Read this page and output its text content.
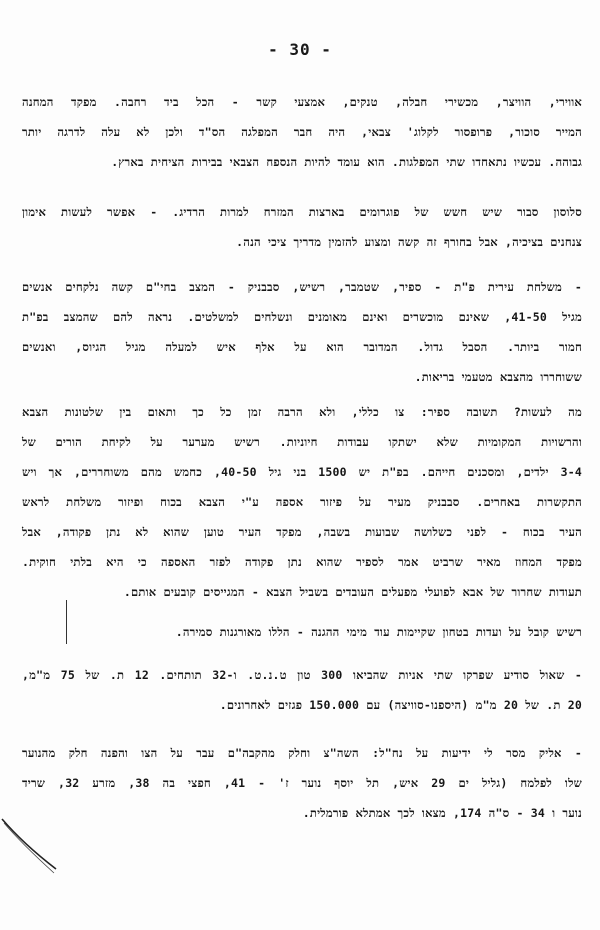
- 30 -
אווירי, הוויצר, מכשירי חבלה, טנקים, אמצעי קשר - הכל ביד רחבה. מפקד המחנה
המייר סוכור, פרופסור לקלוג' צבאי, היה חבר המפלגה הס"ד ולכן לא עלה לדרגה יותר
גבוהה. עכשיו נתאחדו שתי המפלגות. הוא עומד להיות הנספח הצבאי בבירות הציחית בארץ.
סלוסון סבור שיש חשש של פוגרומים בארצות המזרח למרות הרדיג. - אפשר לעשות אימון
צנחנים בציכיה, אבל בחורף זה קשה ומצוע להזמין מדריך ציכי הנה.
- משלחת עירית פ"ת - ספיר, שטמבר, רשיש, סבבניק - המצב בחי"ם קשה נלקחים אנשים
מגיל 41-50, שאינם מוכשרים ואינם מאומנים ונשלחים למשלטים. נראה להם שהמצב בפ"ת
חמור ביותר. הסבל גדול. המדובר הוא על אלף איש למעלה מגיל הגיוס, ואנשים
ששוחררו מהצבא מטעמי בריאות.
מה לעשות? תשובה ספיר: צו כללי, ולא הרבה זמן כל כך ותאום בין שלטונות הצבא
והרשויות המקומיות שלא ישתקו עבודות חיוניות. רשיש מערער על לקיחת הורים של
3-4 ילדים, ומסכנים חייהם. בפ"ת יש 1500 בני גיל 40-50, כחמש מהם משוחררים, אך ויש
התקשרות באחרים. סבבניק מעיר על פיזור אספה ע"י הצבא בכוח ופיזור משלחת לראש
העיר בכוח - לפני כשלושה שבועות בשבה, מפקד העיר טוען שהוא לא נתן פקודה, אבל
מפקד המחוז מאיר שרביט אמר לספיר שהוא נתן פקודה לפזר האספה כי היא בלתי חוקית.
תעודות שחרור של אבא לפועלי מפעלים העובדים בשביל הצבא - המגייסים קובעים אותם.
רשיש קובל על ועדות בטחון שקיימות עוד מימי ההגנה - הללו מאורגנות סמירה.
- שאול סודיע שפרקו שתי אניות שהביאו 300 טון ט.נ.ט. ו-32 תותחים. 12 ת. של 75 מ"מ,
20 ת. של 20 מ"מ (היספנו-סוויצה) עם 150.000 פגזים לאחרונים.
- אליק מסר לי ידיעות על נח"ל: השה"צ וחלק מהקבה"ם עבר על הצו והפנה חלק מהנוער
שלו לפלמח (גליל ים 29 איש, תל יוסף נוער ז' - 41, חפצי בה 38, מזרע 32, שריד
נוער ו 34 - ס"ה 174, מצאו לכך אמתלא פורמלית.
